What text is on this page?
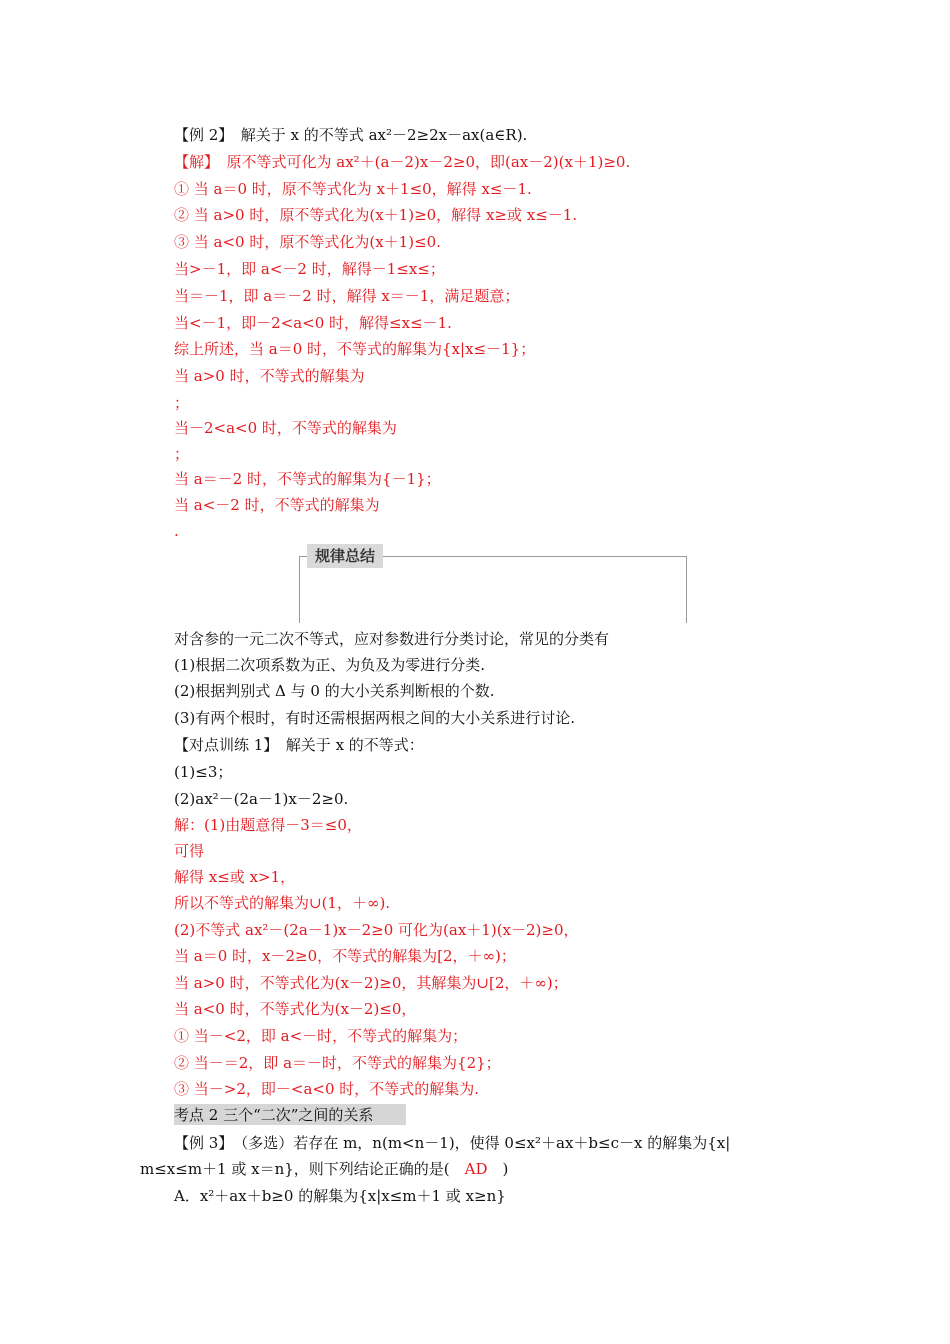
【例 2】　解关于 x 的不等式 ax²－2≥2x－ax(a∈R).
【解】　原不等式可化为 ax²＋(a－2)x－2≥0，即(ax－2)(x＋1)≥0.
① 当 a＝0 时，原不等式化为 x＋1≤0，解得 x≤－1.
② 当 a>0 时，原不等式化为(x＋1)≥0，解得 x≥或 x≤－1.
③ 当 a<0 时，原不等式化为(x＋1)≤0.
当>－1，即 a<－2 时，解得－1≤x≤；
当＝－1，即 a＝－2 时，解得 x＝－1，满足题意；
当<－1，即－2<a<0 时，解得≤x≤－1.
综上所述，当 a＝0 时，不等式的解集为{x|x≤－1}；
当 a>0 时，不等式的解集为
；
当－2<a<0 时，不等式的解集为
；
当 a＝－2 时，不等式的解集为{－1}；
当 a<－2 时，不等式的解集为
.
规律总结
对含参的一元二次不等式，应对参数进行分类讨论，常见的分类有
(1)根据二次项系数为正、为负及为零进行分类.
(2)根据判别式 Δ 与 0 的大小关系判断根的个数.
(3)有两个根时，有时还需根据两根之间的大小关系进行讨论.
【对点训练 1】　解关于 x 的不等式：
(1)≤3；
(2)ax²－(2a－1)x－2≥0.
解：(1)由题意得－3＝≤0，
可得
解得 x≤或 x>1，
所以不等式的解集为∪(1，＋∞).
(2)不等式 ax²－(2a－1)x－2≥0 可化为(ax＋1)(x－2)≥0，
当 a＝0 时，x－2≥0，不等式的解集为[2，＋∞)；
当 a>0 时，不等式化为(x－2)≥0，其解集为∪[2，＋∞)；
当 a<0 时，不等式化为(x－2)≤0，
① 当－<2，即 a<－时，不等式的解集为；
② 当－＝2，即 a＝－时，不等式的解集为{2}；
③ 当－>2，即－<a<0 时，不等式的解集为.
考点 2 三个“二次”之间的关系
【例 3】　（多选）若存在 m，n(m<n－1)，使得 0≤x²＋ax＋b≤c－x 的解集为{x|
m≤x≤m＋1 或 x＝n}，则下列结论正确的是(　AD　)
A．x²＋ax＋b≥0 的解集为{x|x≤m＋1 或 x≥n}
